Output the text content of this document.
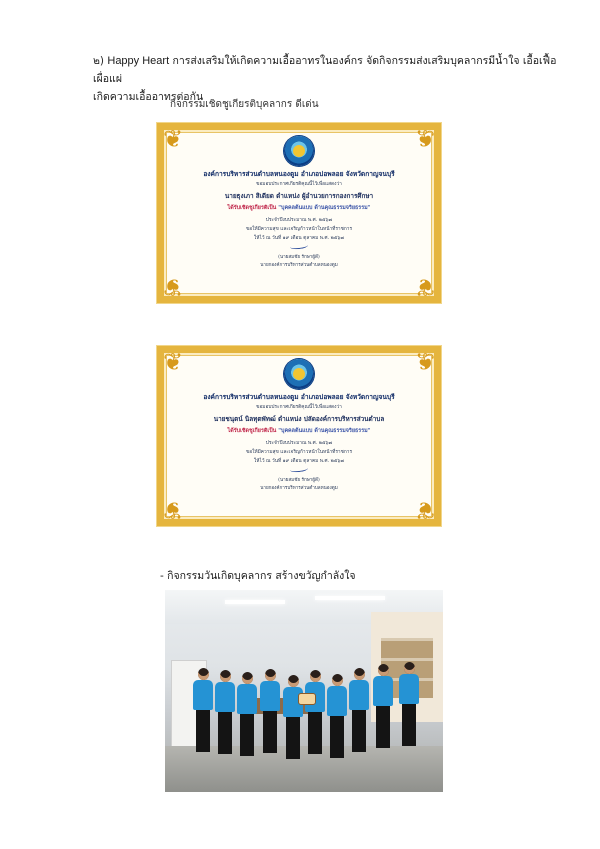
๒) Happy Heart การส่งเสริมให้เกิดความเอื้ออาทรในองค์กร จัดกิจกรรมส่งเสริมบุคลากรมีน้ำใจ เอื้อเฟื้อเผื่อแผ่
เกิดความเอื้ออาทรต่อกัน
กิจกรรมเชิดชูเกียรติบุคลากร ดีเด่น
❦	❦
❦	❦
องค์การบริหารส่วนตำบลหนองตูม อำเภอบ่อพลอย จังหวัดกาญจนบุรี
ขอมอบประกาศเกียรติคุณนี้ไว้เพื่อแสดงว่า
นายธุงเภา สิเดียด ตำแหน่ง ผู้อำนวยการกองการศึกษา
ได้รับเชิดชูเกียรติเป็น "บุคคลต้นแบบ ด้านคุณธรรมจริยธรรม"
ประจำปีงบประมาณ พ.ศ. ๒๕๖๗
ขอให้มีความสุข และเจริญก้าวหน้าในหน้าที่ราชการ
ให้ไว้ ณ วันที่ ๑๙ เดือน ตุลาคม พ.ศ. ๒๕๖๗
(นายสมชัย รักษาผู้ดี)
นายกองค์การบริหารส่วนตำบลหนองตูม
❦	❦
❦	❦
องค์การบริหารส่วนตำบลหนองตูม อำเภอบ่อพลอย จังหวัดกาญจนบุรี
ขอมอบประกาศเกียรติคุณนี้ไว้เพื่อแสดงว่า
นายชนุตน์ นิลทุตพัทฒ์ ตำแหน่ง ปลัดองค์การบริหารส่วนตำบล
ได้รับเชิดชูเกียรติเป็น "บุคคลต้นแบบ ด้านคุณธรรมจริยธรรม"
ประจำปีงบประมาณ พ.ศ. ๒๕๖๗
ขอให้มีความสุข และเจริญก้าวหน้าในหน้าที่ราชการ
ให้ไว้ ณ วันที่ ๑๙ เดือน ตุลาคม พ.ศ. ๒๕๖๗
(นายสมชัย รักษาผู้ดี)
นายกองค์การบริหารส่วนตำบลหนองตูม
- กิจกรรมวันเกิดบุคลากร สร้างขวัญกำลังใจ
